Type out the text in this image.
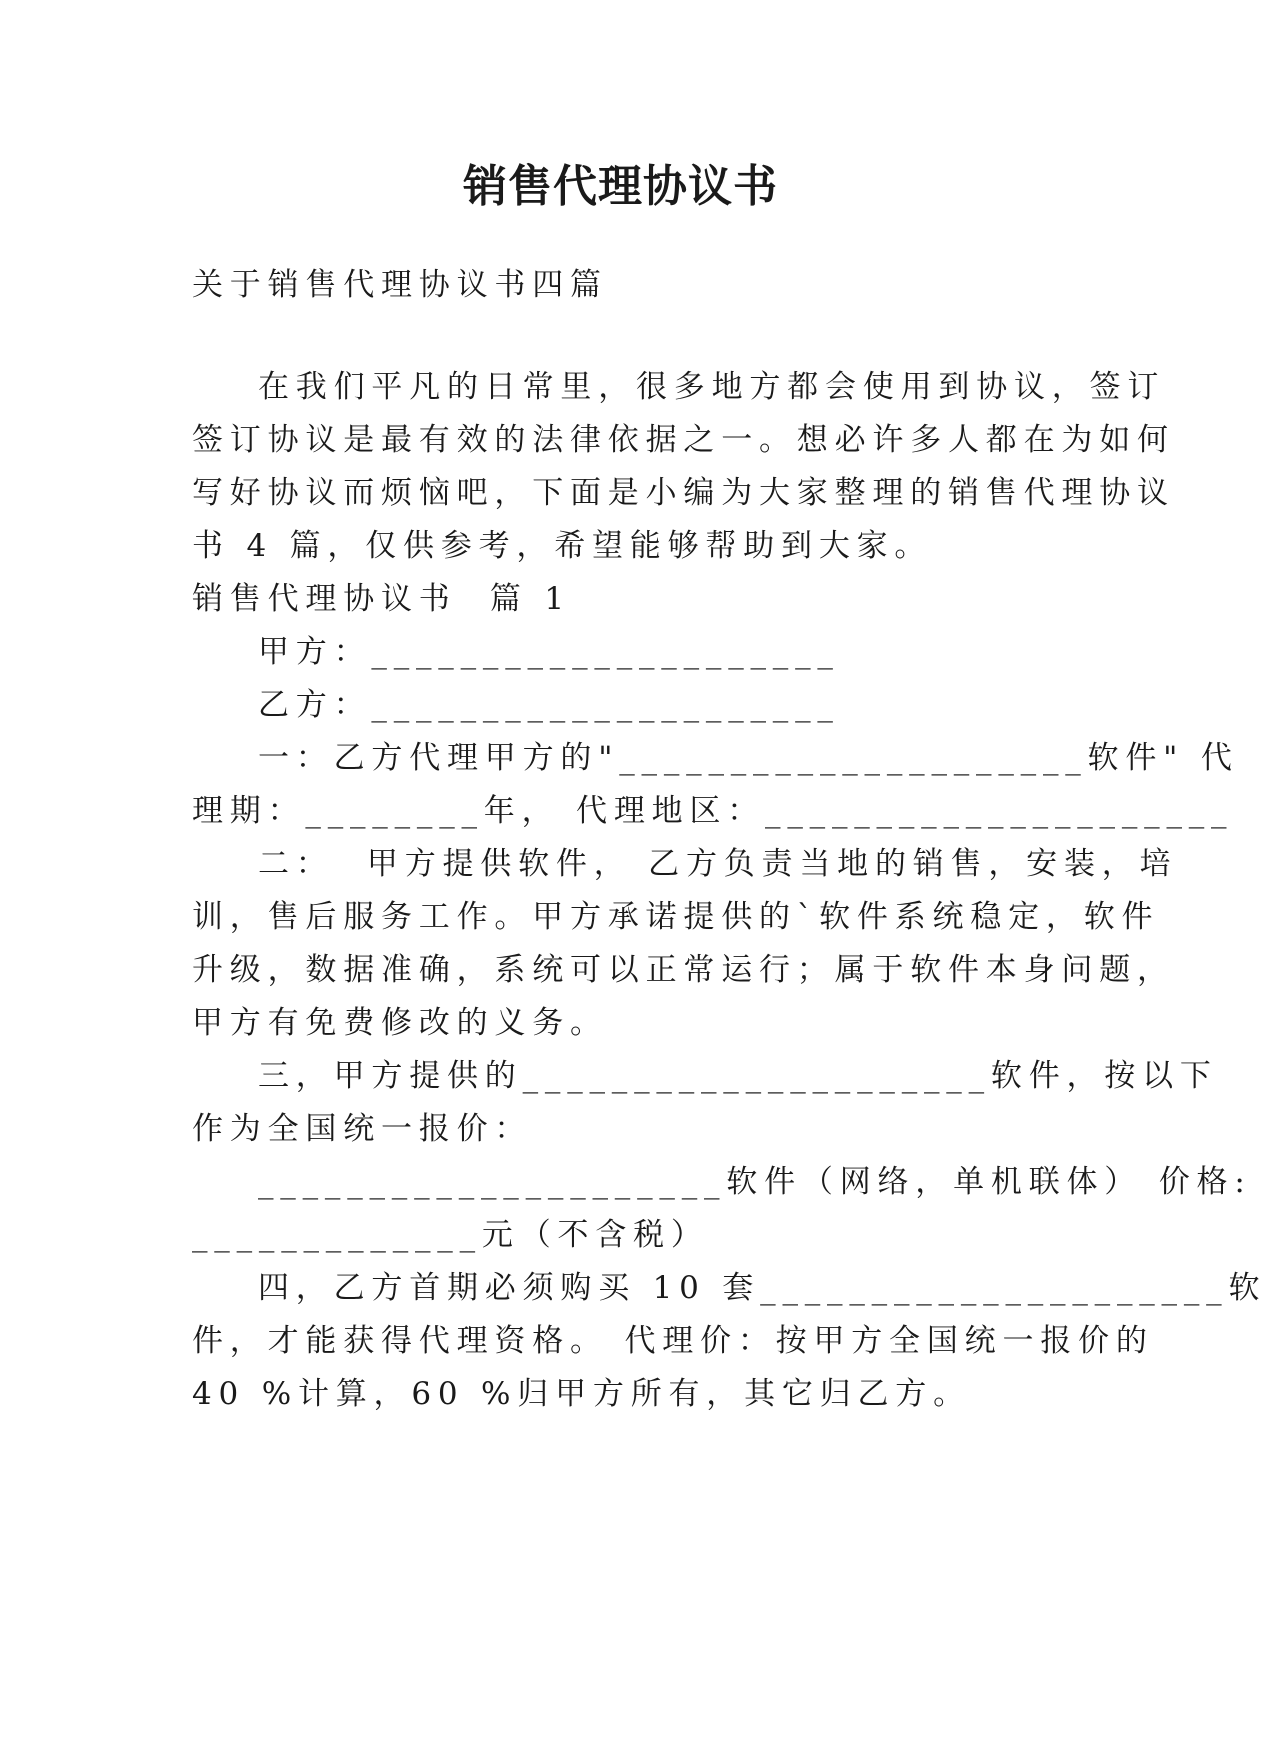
销售代理协议书
关于销售代理协议书四篇
在我们平凡的日常里，很多地方都会使用到协议，签订
签订协议是最有效的法律依据之一。想必许多人都在为如何
写好协议而烦恼吧，下面是小编为大家整理的销售代理协议
书 4 篇，仅供参考，希望能够帮助到大家。
销售代理协议书  篇 1
甲方：_____________________
乙方：_____________________
一：乙方代理甲方的"_____________________软件" 代
理期：________年， 代理地区：_____________________
二：  甲方提供软件， 乙方负责当地的销售，安装，培
训，售后服务工作。甲方承诺提供的`软件系统稳定，软件
升级，数据准确，系统可以正常运行；属于软件本身问题，
甲方有免费修改的义务。
三，甲方提供的_____________________软件，按以下
作为全国统一报价：
_____________________软件（网络，单机联体） 价格:
_____________元（不含税）
四，乙方首期必须购买 10 套_____________________软
件，才能获得代理资格。 代理价：按甲方全国统一报价的
40 %计算，60 %归甲方所有，其它归乙方。
